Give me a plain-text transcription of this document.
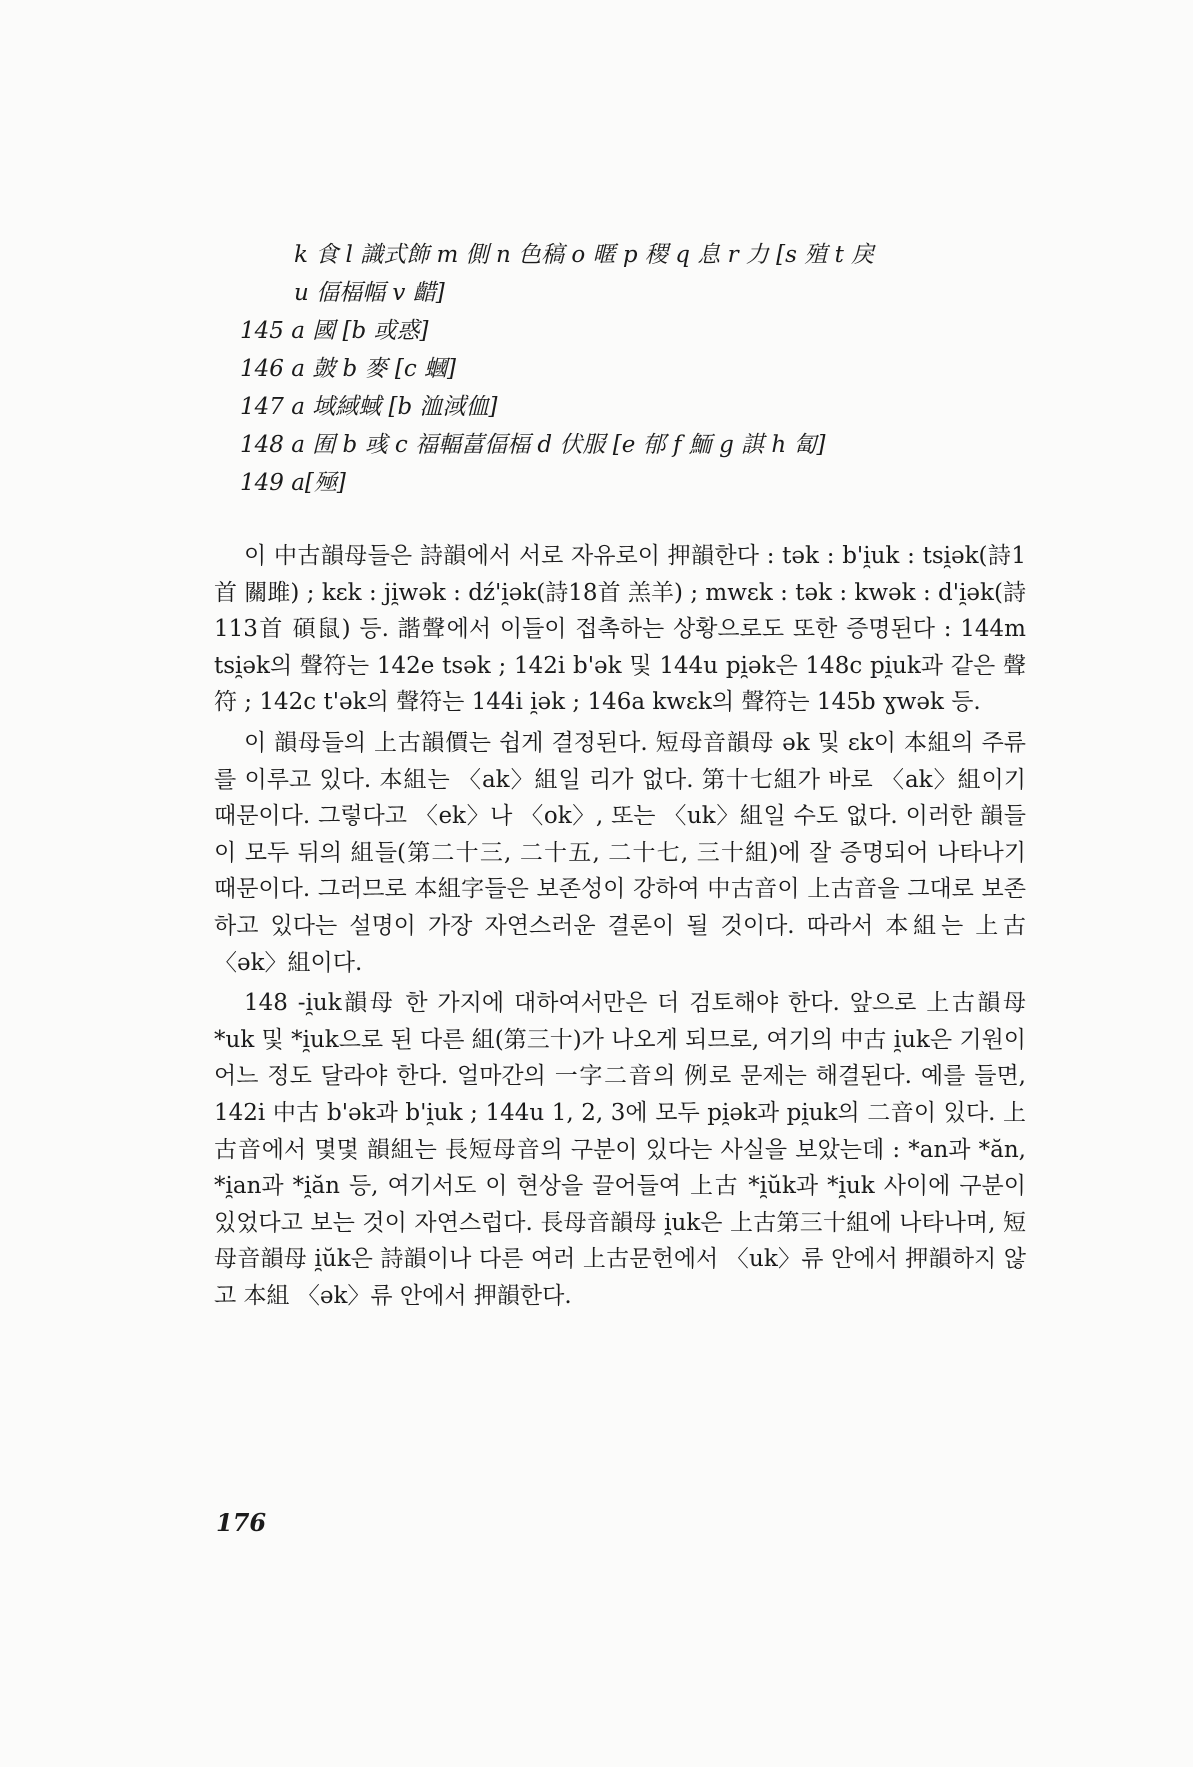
k 食 l 識式飾 m 側 n 色稿 o 暱 p 稷 q 息 r 力 [s 殖 t 戾
u 偪楅幅 v 齰]
145 a 國 [b 或惑]
146 a 皷 b 麥 [c 蟈]
147 a 域緎蜮 [b 洫淢侐]
148 a 囿 b 彧 c 福輻葍偪楅 d 伏服 [e 郁 f 鮞 g 諆 h 匐]
149 a[殛]

이 中古韻母들은 詩韻에서 서로 자유로이 押韻한다 : tək : b'i̯uk : tsi̯ək(詩1首 關雎) ; kɛk : ji̯wək : dź'i̯ək(詩18首 羔羊) ; mwɛk : tək : kwək : d'i̯ək(詩113首 碩鼠) 등. 諧聲에서 이들이 접촉하는 상황으로도 또한 증명된다 : 144m tsi̯ək의 聲符는 142e tsək ; 142i b'ək 및 144u pi̯ək은 148c pi̯uk과 같은 聲符 ; 142c t'ək의 聲符는 144i i̯ək ; 146a kwɛk의 聲符는 145b ɣwək 등.

이 韻母들의 上古韻價는 쉽게 결정된다. 短母音韻母 ək 및 ɛk이 本組의 주류를 이루고 있다. 本組는 〈ak〉組일 리가 없다. 第十七組가 바로 〈ak〉組이기 때문이다. 그렇다고 〈ek〉나 〈ok〉, 또는 〈uk〉組일 수도 없다. 이러한 韻들이 모두 뒤의 組들(第二十三, 二十五, 二十七, 三十組)에 잘 증명되어 나타나기 때문이다. 그러므로 本組字들은 보존성이 강하여 中古音이 上古音을 그대로 보존하고 있다는 설명이 가장 자연스러운 결론이 될 것이다. 따라서 本組는 上古〈ək〉組이다.

148 -i̯uk韻母 한 가지에 대하여서만은 더 검토해야 한다. 앞으로 上古韻母 *uk 및 *i̯uk으로 된 다른 組(第三十)가 나오게 되므로, 여기의 中古 i̯uk은 기원이 어느 정도 달라야 한다. 얼마간의 一字二音의 例로 문제는 해결된다. 예를 들면, 142i 中古 b'ək과 b'i̯uk ; 144u 1, 2, 3에 모두 pi̯ək과 pi̯uk의 二音이 있다. 上古音에서 몇몇 韻組는 長短母音의 구분이 있다는 사실을 보았는데 : *an과 *ăn, *i̯an과 *i̯ăn 등, 여기서도 이 현상을 끌어들여 上古 *i̯ŭk과 *i̯uk 사이에 구분이 있었다고 보는 것이 자연스럽다. 長母音韻母 i̯uk은 上古第三十組에 나타나며, 短母音韻母 i̯ŭk은 詩韻이나 다른 여러 上古문헌에서 〈uk〉류 안에서 押韻하지 않고 本組 〈ək〉류 안에서 押韻한다.

176
